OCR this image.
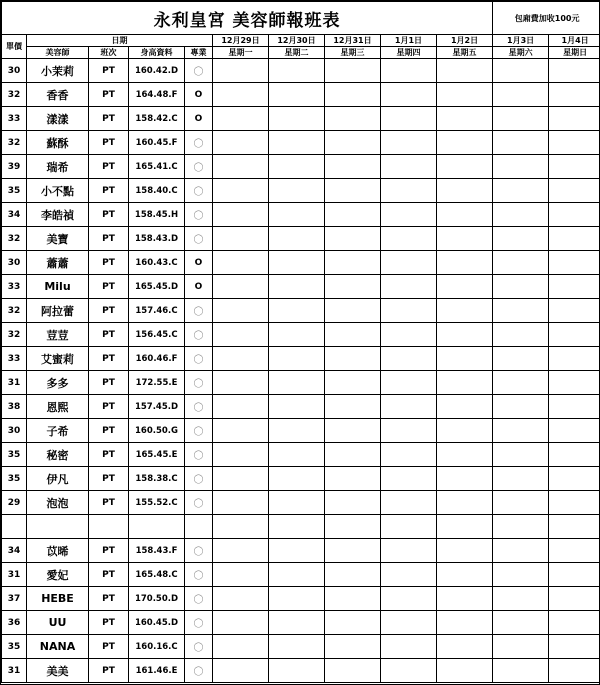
永利皇宮 美容師報班表										包廂費加收100元	
單價	日期				12月29日	12月30日	12月31日	1月1日	1月2日	1月3日	1月4日
	美容師	班次	身高資料	專業	星期一	星期二	星期三	星期四	星期五	星期六	星期日
30	小茉莉	PT	160.42.D	〇							
32	香香	PT	164.48.F	O							
33	漾漾	PT	158.42.C	O							
32	蘇酥	PT	160.45.F	〇							
39	瑞希	PT	165.41.C	〇							
35	小不點	PT	158.40.C	〇							
34	李皓禎	PT	158.45.H	〇							
32	美寶	PT	158.43.D	〇							
30	蕭蕭	PT	160.43.C	O							
33	Milu	PT	165.45.D	O							
32	阿拉蕾	PT	157.46.C	〇							
32	荳荳	PT	156.45.C	〇							
33	艾蜜莉	PT	160.46.F	〇							
31	多多	PT	172.55.E	〇							
38	恩熙	PT	157.45.D	〇							
30	子希	PT	160.50.G	〇							
35	秘密	PT	165.45.E	〇							
35	伊凡	PT	158.38.C	〇							
29	泡泡	PT	155.52.C	〇							

34	苡晞	PT	158.43.F	〇							
31	愛妃	PT	165.48.C	〇							
37	HEBE	PT	170.50.D	〇							
36	UU	PT	160.45.D	〇							
35	NANA	PT	160.16.C	〇							
31	美美	PT	161.46.E	〇							
